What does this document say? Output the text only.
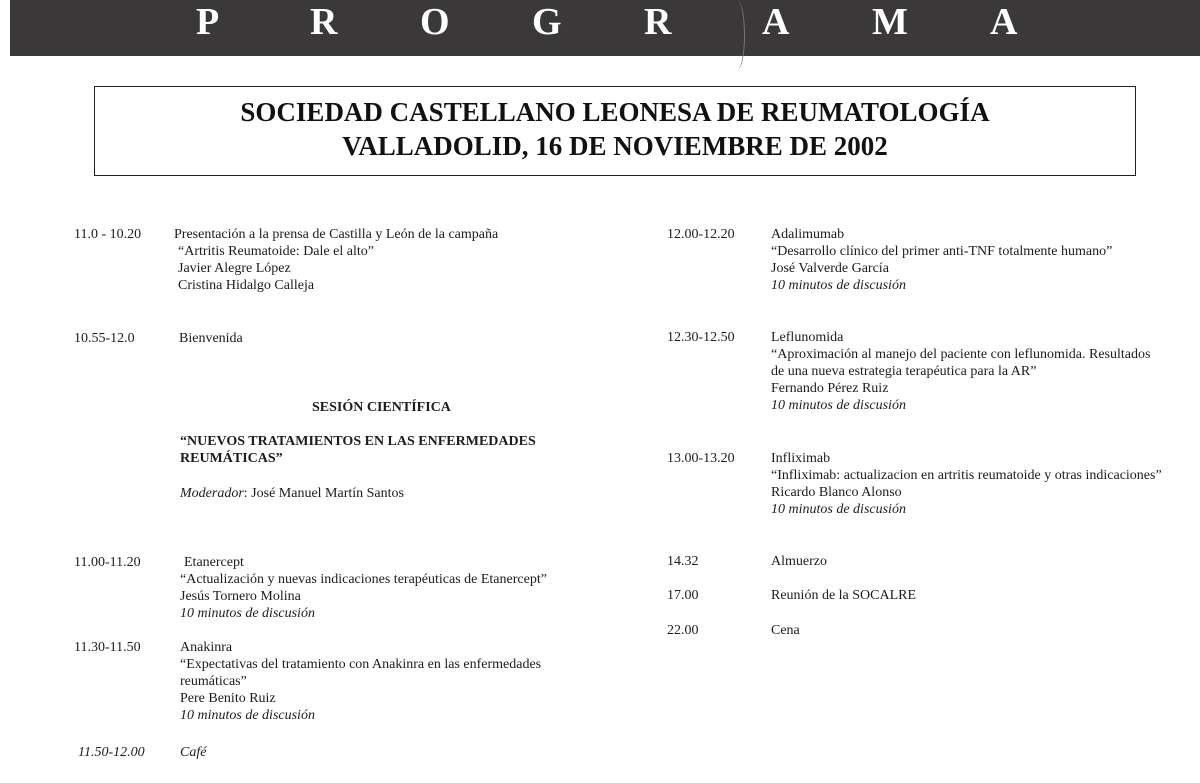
P R O G R A M A
SOCIEDAD CASTELLANO LEONESA DE REUMATOLOGÍA
VALLADOLID, 16 DE NOVIEMBRE DE 2002
11.0 - 10.20 Presentación a la prensa de Castilla y León de la campaña
“Artritis Reumatoide: Dale el alto”
Javier Alegre López
Cristina Hidalgo Calleja
10.55-12.0	Bienvenida
SESIÓN CIENTÍFICA
“NUEVOS TRATAMIENTOS EN LAS ENFERMEDADES
REUMÁTICAS”
Moderador: José Manuel Martín Santos
11.00-11.20	Etanercept
“Actualización y nuevas indicaciones terapéuticas de Etanercept”
Jesús Tornero Molina
10 minutos de discusión
11.30-11.50	Anakinra
“Expectativas del tratamiento con Anakinra en las enfermedades
reumáticas”
Pere Benito Ruiz
10 minutos de discusión
11.50-12.00	Café
12.00-12.20	Adalimumab
“Desarrollo clínico del primer anti-TNF totalmente humano”
José Valverde García
10 minutos de discusión
12.30-12.50	Leflunomida
“Aproximación al manejo del paciente con leflunomida. Resultados
de una nueva estrategia terapéutica para la AR”
Fernando Pérez Ruiz
10 minutos de discusión
13.00-13.20	Infliximab
“Infliximab: actualizacion en artritis reumatoide y otras indicaciones”
Ricardo Blanco Alonso
10 minutos de discusión
14.32	Almuerzo
17.00	Reunión de la SOCALRE
22.00	Cena
